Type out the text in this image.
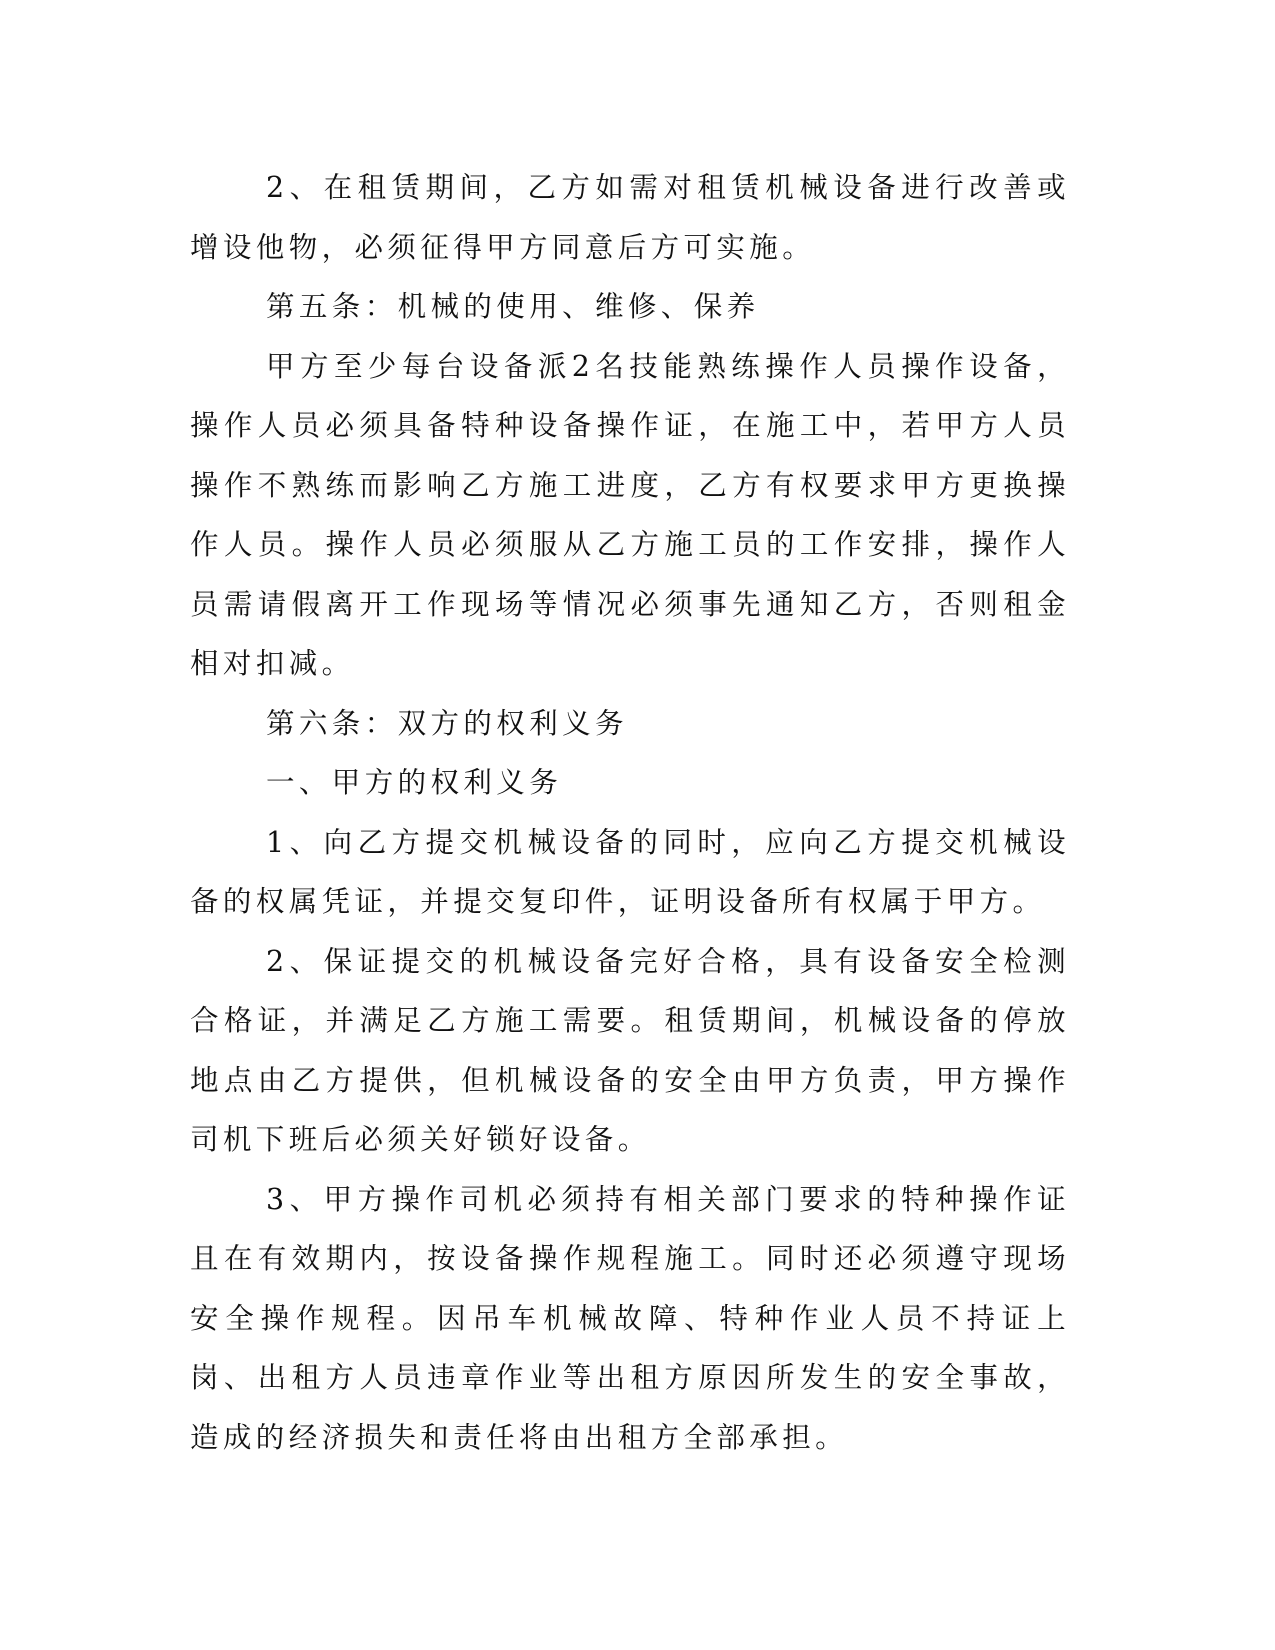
2、在租赁期间，乙方如需对租赁机械设备进行改善或增设他物，必须征得甲方同意后方可实施。

第五条：机械的使用、维修、保养

甲方至少每台设备派2名技能熟练操作人员操作设备，操作人员必须具备特种设备操作证，在施工中，若甲方人员操作不熟练而影响乙方施工进度，乙方有权要求甲方更换操作人员。操作人员必须服从乙方施工员的工作安排，操作人员需请假离开工作现场等情况必须事先通知乙方，否则租金相对扣减。

第六条：双方的权利义务

一、甲方的权利义务

1、向乙方提交机械设备的同时，应向乙方提交机械设备的权属凭证，并提交复印件，证明设备所有权属于甲方。

2、保证提交的机械设备完好合格，具有设备安全检测合格证，并满足乙方施工需要。租赁期间，机械设备的停放地点由乙方提供，但机械设备的安全由甲方负责，甲方操作司机下班后必须关好锁好设备。

3、甲方操作司机必须持有相关部门要求的特种操作证且在有效期内，按设备操作规程施工。同时还必须遵守现场安全操作规程。因吊车机械故障、特种作业人员不持证上岗、出租方人员违章作业等出租方原因所发生的安全事故，造成的经济损失和责任将由出租方全部承担。
